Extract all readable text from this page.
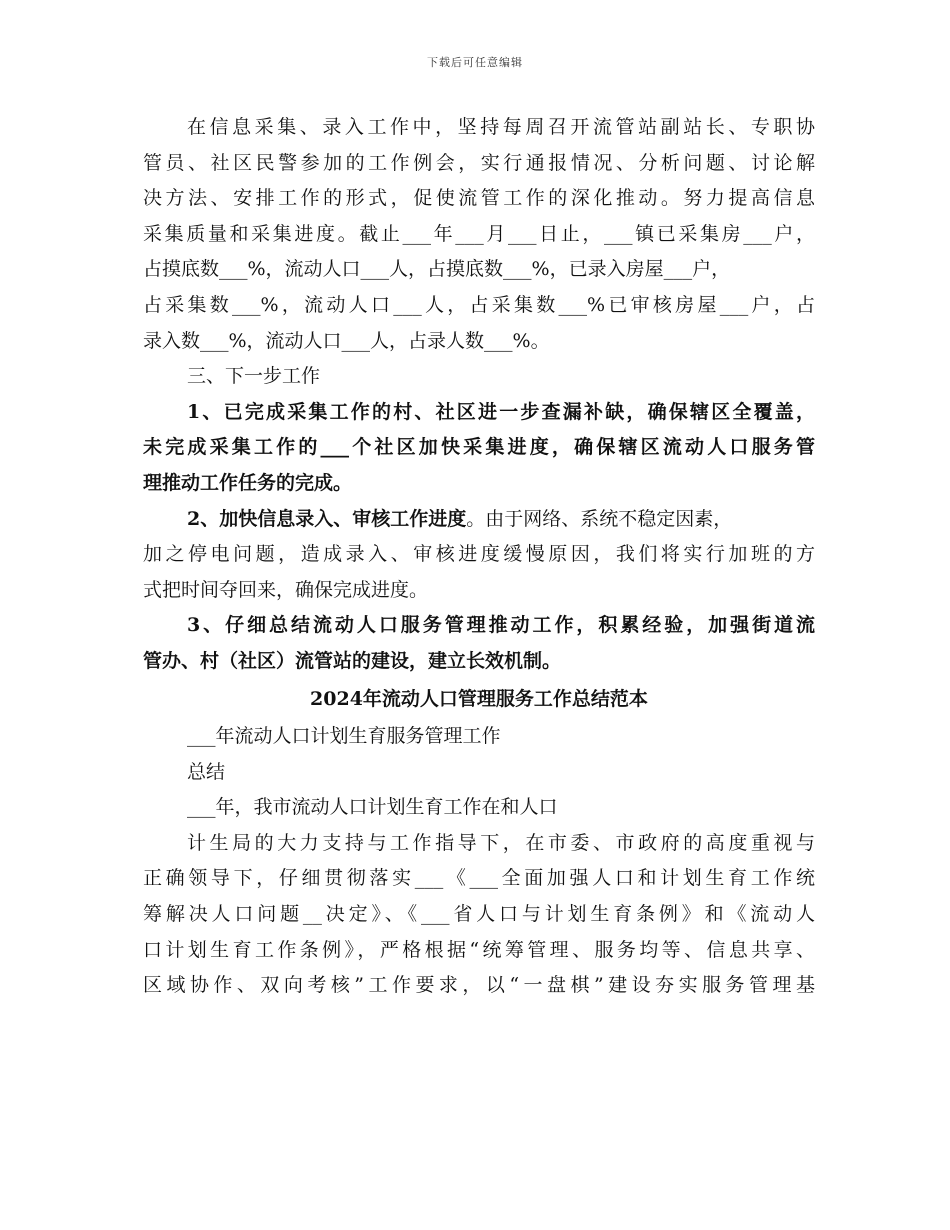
下载后可任意编辑
在信息采集、录入工作中，坚持每周召开流管站副站长、专职协
管员、社区民警参加的工作例会，实行通报情况、分析问题、讨论解
决方法、安排工作的形式，促使流管工作的深化推动。努力提高信息
采集质量和采集进度。截止___年___月___日止，___镇已采集房___户，
占摸底数___%，流动人口___人，占摸底数___%，已录入房屋___户，
占采集数___%，流动人口___人，占采集数___%已审核房屋___户，占
录入数___%，流动人口___人，占录人数___%。
三、下一步工作
1、已完成采集工作的村、社区进一步查漏补缺，确保辖区全覆盖，
未完成采集工作的___个社区加快采集进度，确保辖区流动人口服务管
理推动工作任务的完成。
2、加快信息录入、审核工作进度。由于网络、系统不稳定因素，
加之停电问题，造成录入、审核进度缓慢原因，我们将实行加班的方
式把时间夺回来，确保完成进度。
3、仔细总结流动人口服务管理推动工作，积累经验，加强街道流
管办、村（社区）流管站的建设，建立长效机制。
2024年流动人口管理服务工作总结范本
___年流动人口计划生育服务管理工作
总结
___年，我市流动人口计划生育工作在和人口
计生局的大力支持与工作指导下，在市委、市政府的高度重视与
正确领导下，仔细贯彻落实___《___全面加强人口和计划生育工作统
筹解决人口问题__决定》、《___省人口与计划生育条例》和《流动人
口计划生育工作条例》，严格根据“统筹管理、服务均等、信息共享、
区域协作、双向考核”工作要求，以“一盘棋”建设夯实服务管理基
